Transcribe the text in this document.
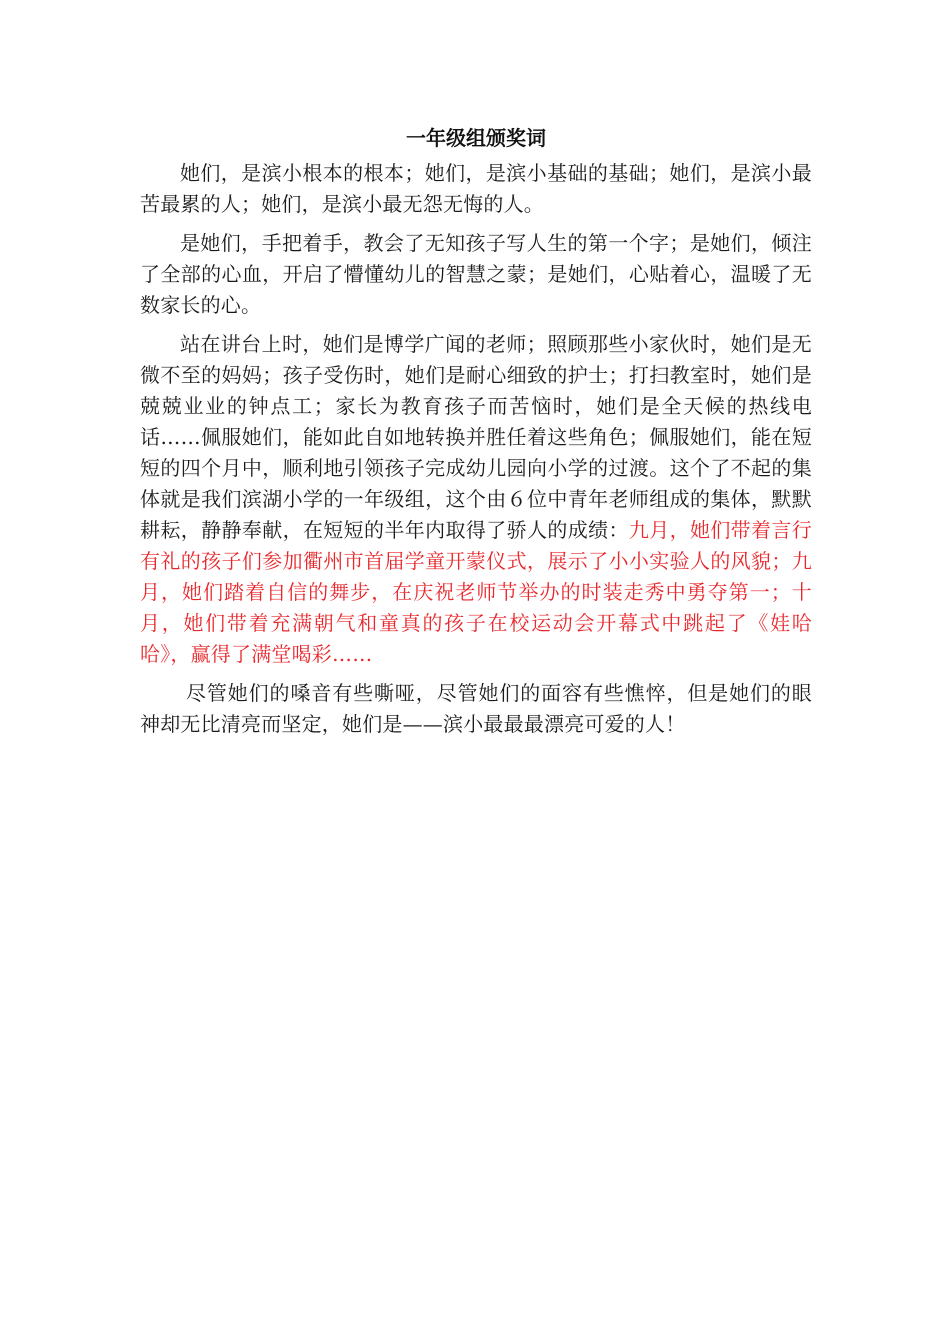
一年级组颁奖词

她们，是滨小根本的根本；她们，是滨小基础的基础；她们，是滨小最苦最累的人；她们，是滨小最无怨无悔的人。

是她们，手把着手，教会了无知孩子写人生的第一个字；是她们，倾注了全部的心血，开启了懵懂幼儿的智慧之蒙；是她们，心贴着心，温暖了无数家长的心。

站在讲台上时，她们是博学广闻的老师；照顾那些小家伙时，她们是无微不至的妈妈；孩子受伤时，她们是耐心细致的护士；打扫教室时，她们是兢兢业业的钟点工；家长为教育孩子而苦恼时，她们是全天候的热线电话……佩服她们，能如此自如地转换并胜任着这些角色；佩服她们，能在短短的四个月中，顺利地引领孩子完成幼儿园向小学的过渡。这个了不起的集体就是我们滨湖小学的一年级组，这个由６位中青年老师组成的集体，默默耕耘，静静奉献，在短短的半年内取得了骄人的成绩：九月，她们带着言行有礼的孩子们参加衢州市首届学童开蒙仪式，展示了小小实验人的风貌；九月，她们踏着自信的舞步，在庆祝老师节举办的时装走秀中勇夺第一；十月，她们带着充满朝气和童真的孩子在校运动会开幕式中跳起了《娃哈哈》，赢得了满堂喝彩……

尽管她们的嗓音有些嘶哑，尽管她们的面容有些憔悴，但是她们的眼神却无比清亮而坚定，她们是——滨小最最最漂亮可爱的人！
